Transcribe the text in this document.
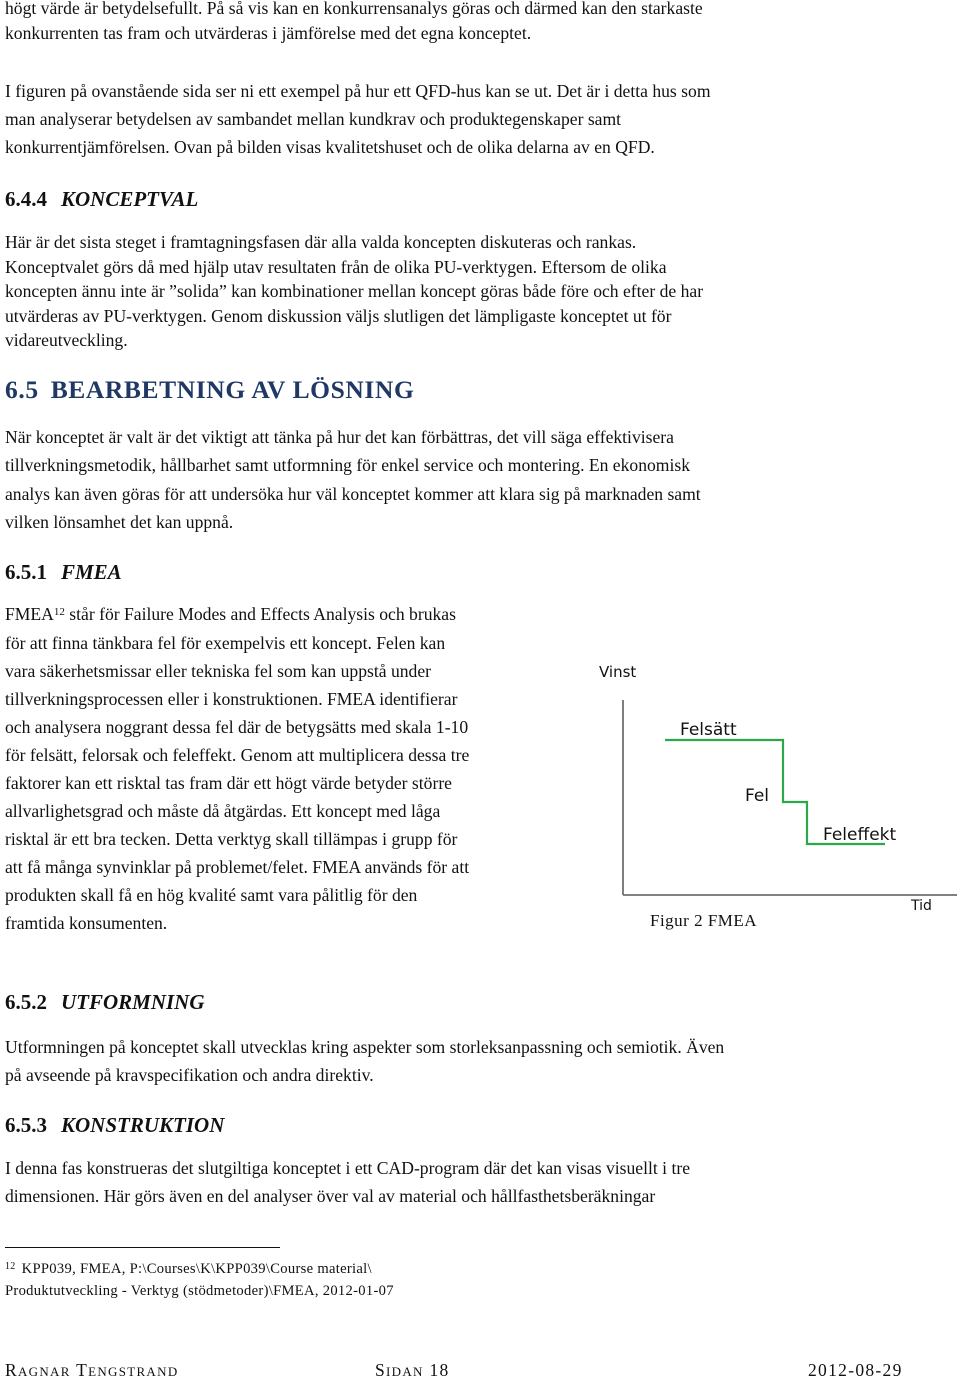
högt värde är betydelsefullt. På så vis kan en konkurrensanalys göras och därmed kan den starkaste

konkurrenten tas fram och utvärderas i jämförelse med det egna konceptet.

I figuren på ovanstående sida ser ni ett exempel på hur ett QFD-hus kan se ut. Det är i detta hus som

man analyserar betydelsen av sambandet mellan kundkrav och produktegenskaper samt

konkurrentjämförelsen. Ovan på bilden visas kvalitetshuset och de olika delarna av en QFD.

6.4.4 KONCEPTVAL

Här är det sista steget i framtagningsfasen där alla valda koncepten diskuteras och rankas.

Konceptvalet görs då med hjälp utav resultaten från de olika PU-verktygen. Eftersom de olika

koncepten ännu inte är ”solida” kan kombinationer mellan koncept göras både före och efter de har

utvärderas av PU-verktygen. Genom diskussion väljs slutligen det lämpligaste konceptet ut för

vidareutveckling.

6.5 BEARBETNING AV LÖSNING

När konceptet är valt är det viktigt att tänka på hur det kan förbättras, det vill säga effektivisera

tillverkningsmetodik, hållbarhet samt utformning för enkel service och montering. En ekonomisk

analys kan även göras för att undersöka hur väl konceptet kommer att klara sig på marknaden samt

vilken lönsamhet det kan uppnå.

6.5.1 FMEA

FMEA$^{12}$ står för Failure Modes and Effects Analysis och brukas

för att finna tänkbara fel för exempelvis ett koncept. Felen kan

vara säkerhetsmissar eller tekniska fel som kan uppstå under

tillverkningsprocessen eller i konstruktionen. FMEA identifierar

och analysera noggrant dessa fel där de betygsätts med skala 1-10

för felsätt, felorsak och feleffekt. Genom att multiplicera dessa tre

faktorer kan ett risktal tas fram där ett högt värde betyder större

allvarlighetsgrad och måste då åtgärdas. Ett koncept med låga

risktal är ett bra tecken. Detta verktyg skall tillämpas i grupp för

att få många synvinklar på problemet/felet. FMEA används för att

produkten skall få en hög kvalité samt vara pålitlig för den

framtida konsumenten.

Vinst
Felsätt
Fel
Feleffekt
Tid
Figur 2 FMEA
6.5.2 UTFORMNING

Utformningen på konceptet skall utvecklas kring aspekter som storleksanpassning och semiotik. Även

på avseende på kravspecifikation och andra direktiv.

6.5.3 KONSTRUKTION

I denna fas konstrueras det slutgiltiga konceptet i ett CAD-program där det kan visas visuellt i tre

dimensionen. Här görs även en del analyser över val av material och hållfasthetsberäkningar

$^{12}$ KPP039, FMEA, P:\Courses\K\KPP039\Course material\
Produktutveckling - Verktyg (stödmetoder)\FMEA, 2012-01-07
RAGNAR TENGSTRAND	SIDAN 18	2012-08-29
